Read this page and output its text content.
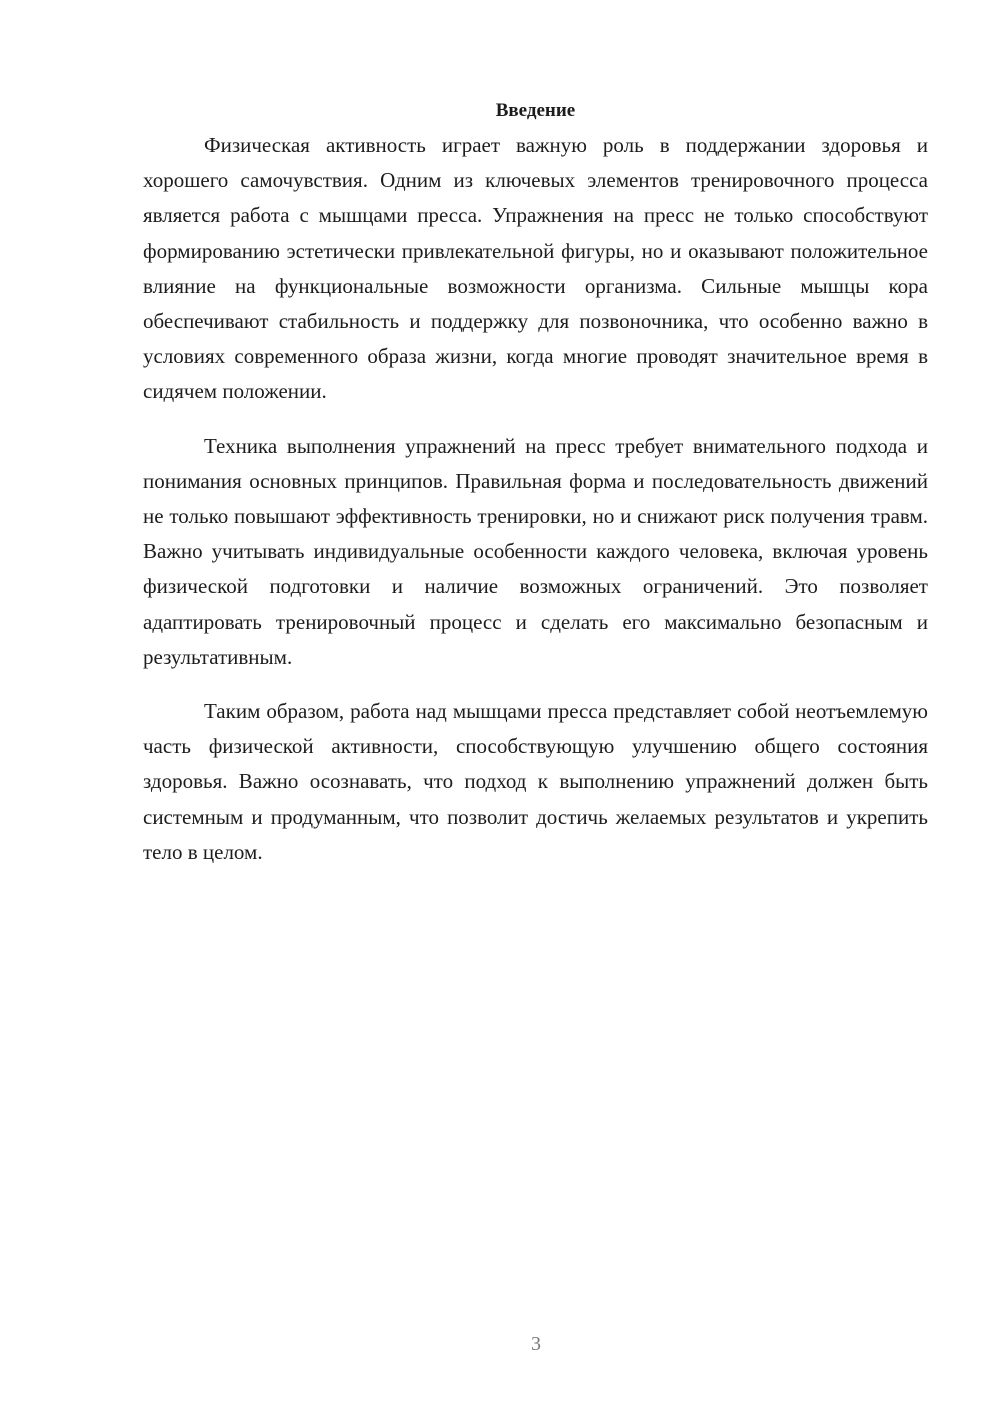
Введение

Физическая активность играет важную роль в поддержании здоровья и хорошего самочувствия. Одним из ключевых элементов тренировочного процесса является работа с мышцами пресса. Упражнения на пресс не только способствуют формированию эстетически привлекательной фигуры, но и оказывают положительное влияние на функциональные возможности организма. Сильные мышцы кора обеспечивают стабильность и поддержку для позвоночника, что особенно важно в условиях современного образа жизни, когда многие проводят значительное время в сидячем положении.

Техника выполнения упражнений на пресс требует внимательного подхода и понимания основных принципов. Правильная форма и последовательность движений не только повышают эффективность тренировки, но и снижают риск получения травм. Важно учитывать индивидуальные особенности каждого человека, включая уровень физической подготовки и наличие возможных ограничений. Это позволяет адаптировать тренировочный процесс и сделать его максимально безопасным и результативным.

Таким образом, работа над мышцами пресса представляет собой неотъемлемую часть физической активности, способствующую улучшению общего состояния здоровья. Важно осознавать, что подход к выполнению упражнений должен быть системным и продуманным, что позволит достичь желаемых результатов и укрепить тело в целом.

3
